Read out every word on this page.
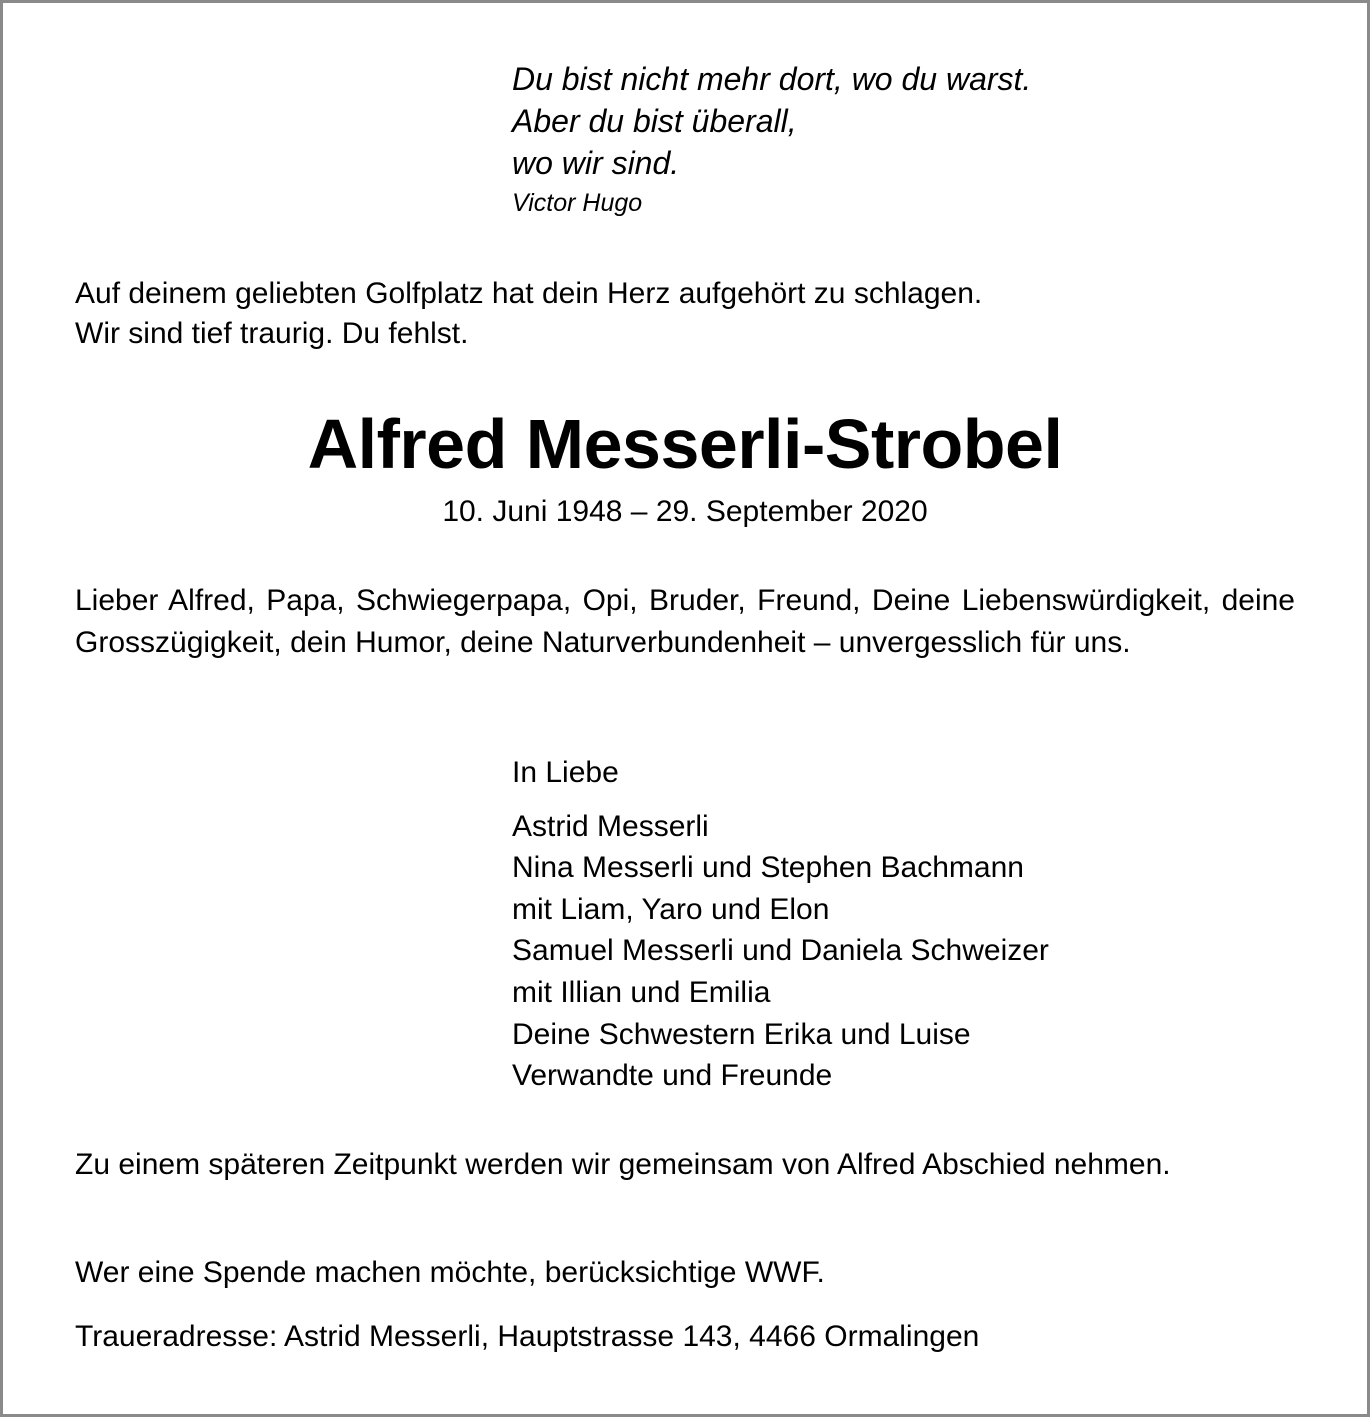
Du bist nicht mehr dort, wo du warst.
Aber du bist überall,
wo wir sind.
Victor Hugo
Auf deinem geliebten Golfplatz hat dein Herz aufgehört zu schlagen.
Wir sind tief traurig. Du fehlst.
Alfred Messerli-Strobel
10. Juni 1948 – 29. September 2020
Lieber Alfred, Papa, Schwiegerpapa, Opi, Bruder, Freund, Deine Liebenswürdigkeit, deine Grosszügigkeit, dein Humor, deine Naturverbundenheit – unvergesslich für uns.
In Liebe
Astrid Messerli
Nina Messerli und Stephen Bachmann
mit Liam, Yaro und Elon
Samuel Messerli und Daniela Schweizer
mit Illian und Emilia
Deine Schwestern Erika und Luise
Verwandte und Freunde
Zu einem späteren Zeitpunkt werden wir gemeinsam von Alfred Abschied nehmen.
Wer eine Spende machen möchte, berücksichtige WWF.
Traueradresse: Astrid Messerli, Hauptstrasse 143, 4466 Ormalingen
